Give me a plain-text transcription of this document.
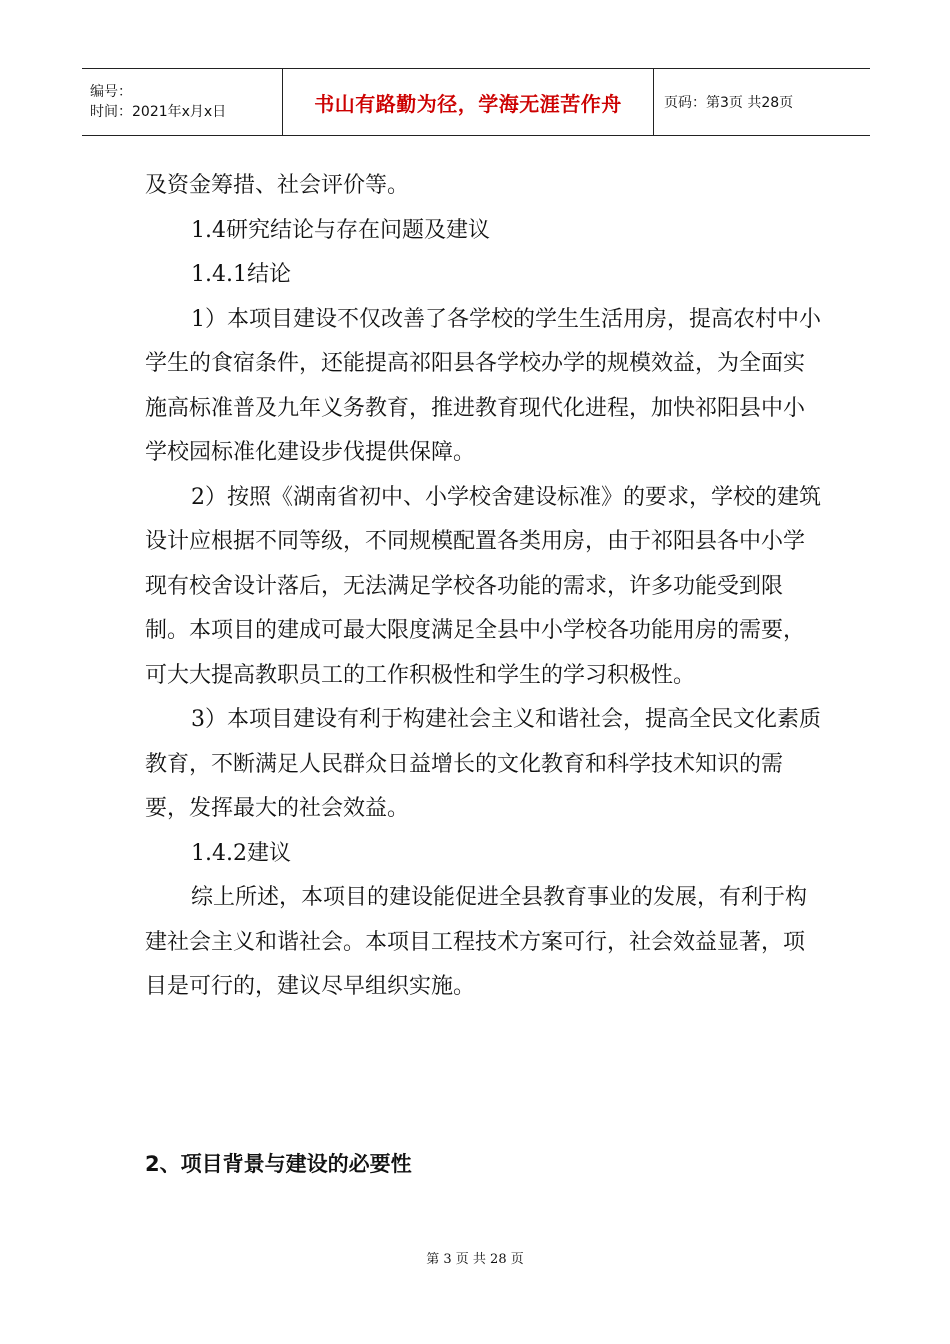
编号：
时间：2021年x月x日	书山有路勤为径，学海无涯苦作舟	页码：第3页 共28页

及资金筹措、社会评价等。

1.4研究结论与存在问题及建议

1.4.1结论

1）本项目建设不仅改善了各学校的学生生活用房，提高农村中小学生的食宿条件，还能提高祁阳县各学校办学的规模效益，为全面实施高标准普及九年义务教育，推进教育现代化进程，加快祁阳县中小学校园标准化建设步伐提供保障。

2）按照《湖南省初中、小学校舍建设标准》的要求，学校的建筑设计应根据不同等级，不同规模配置各类用房，由于祁阳县各中小学现有校舍设计落后，无法满足学校各功能的需求，许多功能受到限制。本项目的建成可最大限度满足全县中小学校各功能用房的需要，可大大提高教职员工的工作积极性和学生的学习积极性。

3）本项目建设有利于构建社会主义和谐社会，提高全民文化素质教育，不断满足人民群众日益增长的文化教育和科学技术知识的需要，发挥最大的社会效益。

1.4.2建议

综上所述，本项目的建设能促进全县教育事业的发展，有利于构建社会主义和谐社会。本项目工程技术方案可行，社会效益显著，项目是可行的，建议尽早组织实施。

2、项目背景与建设的必要性
第 3 页 共 28 页
